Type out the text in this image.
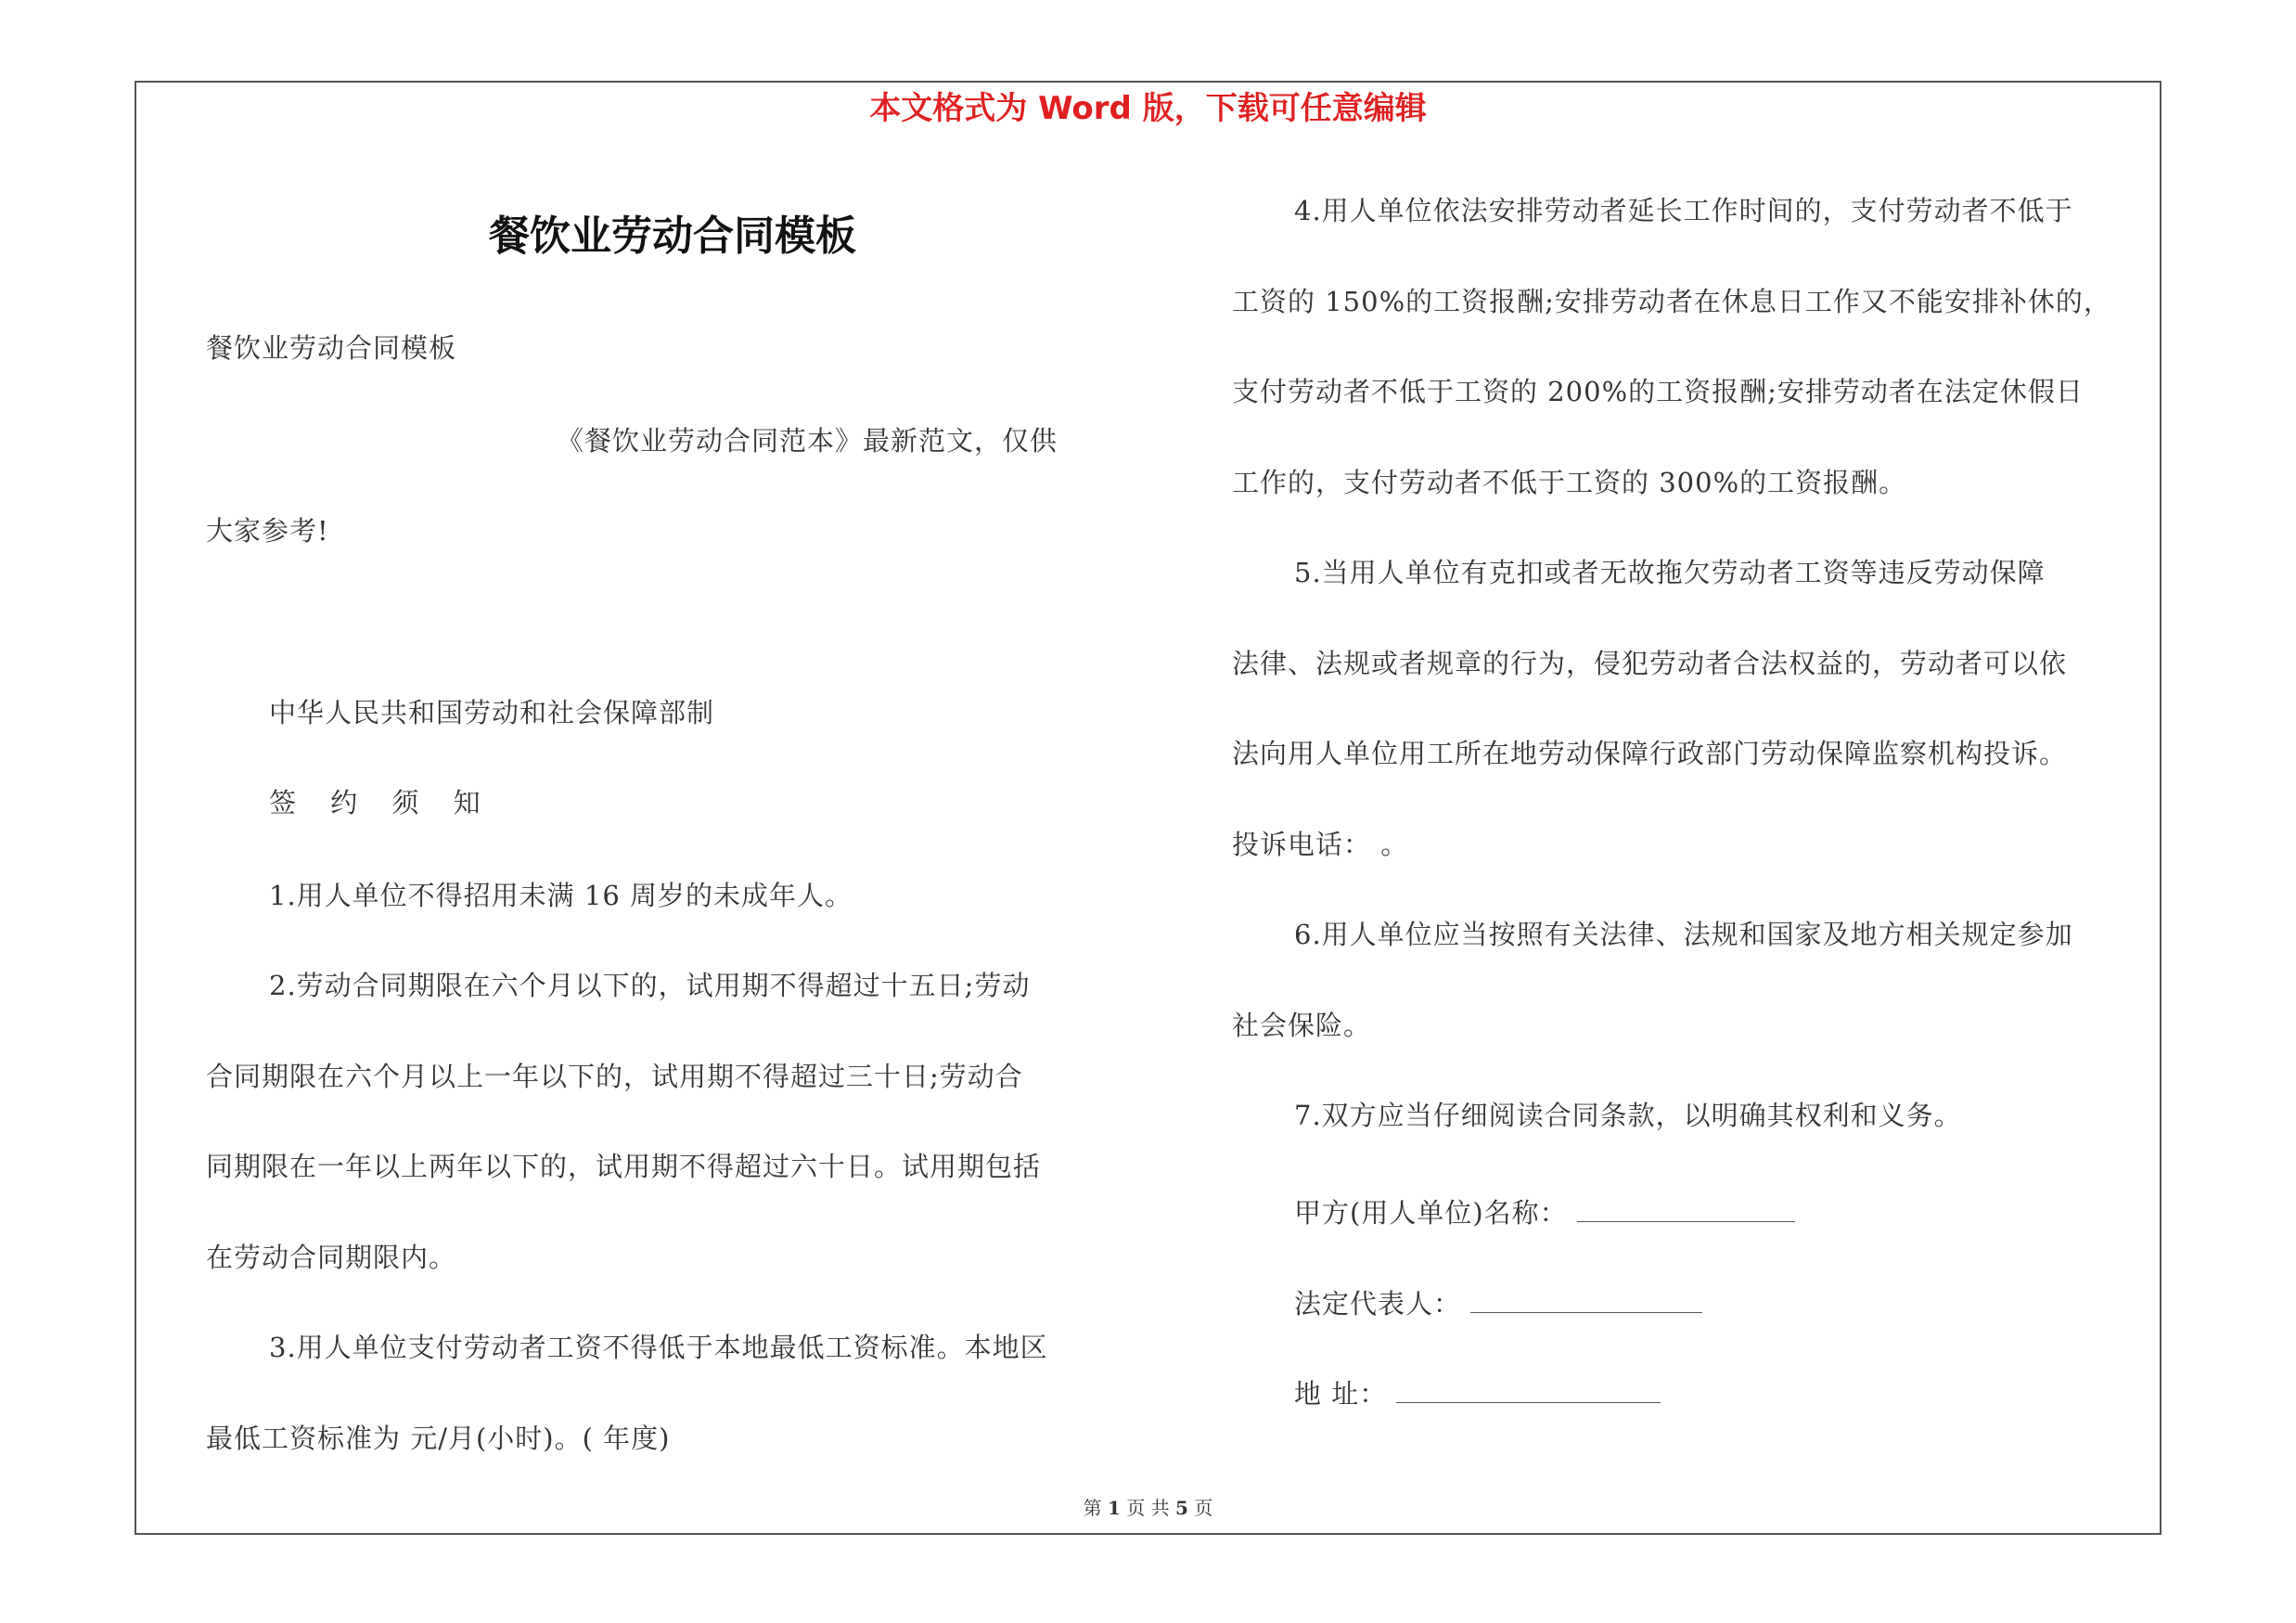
本文格式为 Word 版，下载可任意编辑
餐饮业劳动合同模板
餐饮业劳动合同模板
《餐饮业劳动合同范本》最新范文，仅供
大家参考!
中华人民共和国劳动和社会保障部制
签 约 须 知
1.用人单位不得招用未满 16 周岁的未成年人。
2.劳动合同期限在六个月以下的，试用期不得超过十五日;劳动
合同期限在六个月以上一年以下的，试用期不得超过三十日;劳动合
同期限在一年以上两年以下的，试用期不得超过六十日。试用期包括
在劳动合同期限内。
3.用人单位支付劳动者工资不得低于本地最低工资标准。本地区
最低工资标准为 元/月(小时)。( 年度)
4.用人单位依法安排劳动者延长工作时间的，支付劳动者不低于
工资的 150%的工资报酬;安排劳动者在休息日工作又不能安排补休的，
支付劳动者不低于工资的 200%的工资报酬;安排劳动者在法定休假日
工作的，支付劳动者不低于工资的 300%的工资报酬。
5.当用人单位有克扣或者无故拖欠劳动者工资等违反劳动保障
法律、法规或者规章的行为，侵犯劳动者合法权益的，劳动者可以依
法向用人单位用工所在地劳动保障行政部门劳动保障监察机构投诉。
投诉电话： 。
6.用人单位应当按照有关法律、法规和国家及地方相关规定参加
社会保险。
7.双方应当仔细阅读合同条款，以明确其权利和义务。
甲方(用人单位)名称：
法定代表人：
地 址：
第 1 页 共 5 页
